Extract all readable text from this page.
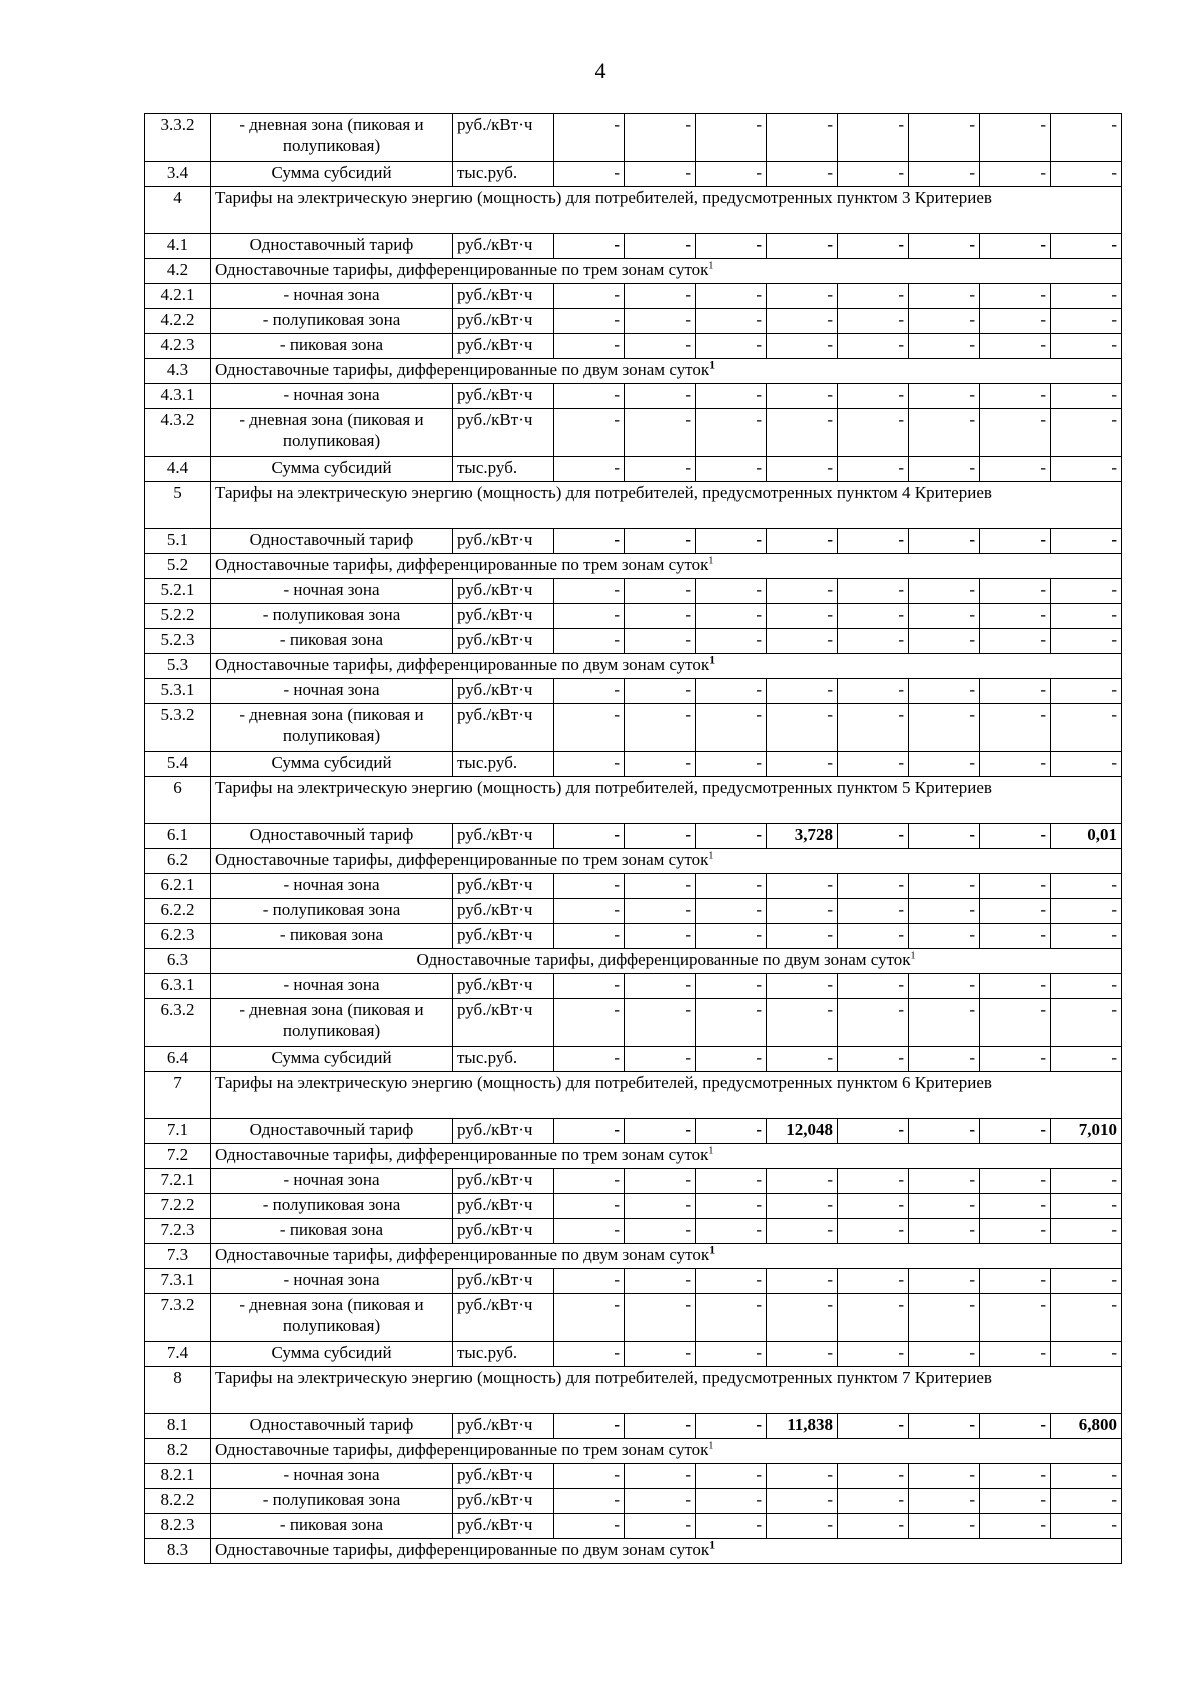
4
3.3.2	- дневная зона (пиковая и полупиковая)	руб./кВт·ч	-	-	-	-	-	-	-	-
3.4	Сумма субсидий	тыс.руб.	-	-	-	-	-	-	-	-
4	Тарифы на электрическую энергию (мощность) для потребителей, предусмотренных пунктом 3 Критериев									
4.1	Одноставочный тариф	руб./кВт·ч	-	-	-	-	-	-	-	-
4.2	Одноставочные тарифы, дифференцированные по трем зонам суток$^1$
4.2.1	- ночная зона	руб./кВт·ч	-	-	-	-	-	-	-	-
4.2.2	- полупиковая зона	руб./кВт·ч	-	-	-	-	-	-	-	-
4.2.3	- пиковая зона	руб./кВт·ч	-	-	-	-	-	-	-	-
4.3	Одноставочные тарифы, дифференцированные по двум зонам суток$^1$
4.3.1	- ночная зона	руб./кВт·ч	-	-	-	-	-	-	-	-
4.3.2	- дневная зона (пиковая и полупиковая)	руб./кВт·ч	-	-	-	-	-	-	-	-
4.4	Сумма субсидий	тыс.руб.	-	-	-	-	-	-	-	-
5	Тарифы на электрическую энергию (мощность) для потребителей, предусмотренных пунктом 4 Критериев									
5.1	Одноставочный тариф	руб./кВт·ч	-	-	-	-	-	-	-	-
5.2	Одноставочные тарифы, дифференцированные по трем зонам суток$^1$
5.2.1	- ночная зона	руб./кВт·ч	-	-	-	-	-	-	-	-
5.2.2	- полупиковая зона	руб./кВт·ч	-	-	-	-	-	-	-	-
5.2.3	- пиковая зона	руб./кВт·ч	-	-	-	-	-	-	-	-
5.3	Одноставочные тарифы, дифференцированные по двум зонам суток$^1$
5.3.1	- ночная зона	руб./кВт·ч	-	-	-	-	-	-	-	-
5.3.2	- дневная зона (пиковая и полупиковая)	руб./кВт·ч	-	-	-	-	-	-	-	-
5.4	Сумма субсидий	тыс.руб.	-	-	-	-	-	-	-	-
6	Тарифы на электрическую энергию (мощность) для потребителей, предусмотренных пунктом 5 Критериев									
6.1	Одноставочный тариф	руб./кВт·ч	-	-	-	3,728	-	-	-	0,01
6.2	Одноставочные тарифы, дифференцированные по трем зонам суток$^1$
6.2.1	- ночная зона	руб./кВт·ч	-	-	-	-	-	-	-	-
6.2.2	- полупиковая зона	руб./кВт·ч	-	-	-	-	-	-	-	-
6.2.3	- пиковая зона	руб./кВт·ч	-	-	-	-	-	-	-	-
6.3	Одноставочные тарифы, дифференцированные по двум зонам суток$^1$
6.3.1	- ночная зона	руб./кВт·ч	-	-	-	-	-	-	-	-
6.3.2	- дневная зона (пиковая и полупиковая)	руб./кВт·ч	-	-	-	-	-	-	-	-
6.4	Сумма субсидий	тыс.руб.	-	-	-	-	-	-	-	-
7	Тарифы на электрическую энергию (мощность) для потребителей, предусмотренных пунктом 6 Критериев									
7.1	Одноставочный тариф	руб./кВт·ч	-	-	-	12,048	-	-	-	7,010
7.2	Одноставочные тарифы, дифференцированные по трем зонам суток$^1$
7.2.1	- ночная зона	руб./кВт·ч	-	-	-	-	-	-	-	-
7.2.2	- полупиковая зона	руб./кВт·ч	-	-	-	-	-	-	-	-
7.2.3	- пиковая зона	руб./кВт·ч	-	-	-	-	-	-	-	-
7.3	Одноставочные тарифы, дифференцированные по двум зонам суток$^1$
7.3.1	- ночная зона	руб./кВт·ч	-	-	-	-	-	-	-	-
7.3.2	- дневная зона (пиковая и полупиковая)	руб./кВт·ч	-	-	-	-	-	-	-	-
7.4	Сумма субсидий	тыс.руб.	-	-	-	-	-	-	-	-
8	Тарифы на электрическую энергию (мощность) для потребителей, предусмотренных пунктом 7 Критериев									
8.1	Одноставочный тариф	руб./кВт·ч	-	-	-	11,838	-	-	-	6,800
8.2	Одноставочные тарифы, дифференцированные по трем зонам суток$^1$
8.2.1	- ночная зона	руб./кВт·ч	-	-	-	-	-	-	-	-
8.2.2	- полупиковая зона	руб./кВт·ч	-	-	-	-	-	-	-	-
8.2.3	- пиковая зона	руб./кВт·ч	-	-	-	-	-	-	-	-
8.3	Одноставочные тарифы, дифференцированные по двум зонам суток$^1$
